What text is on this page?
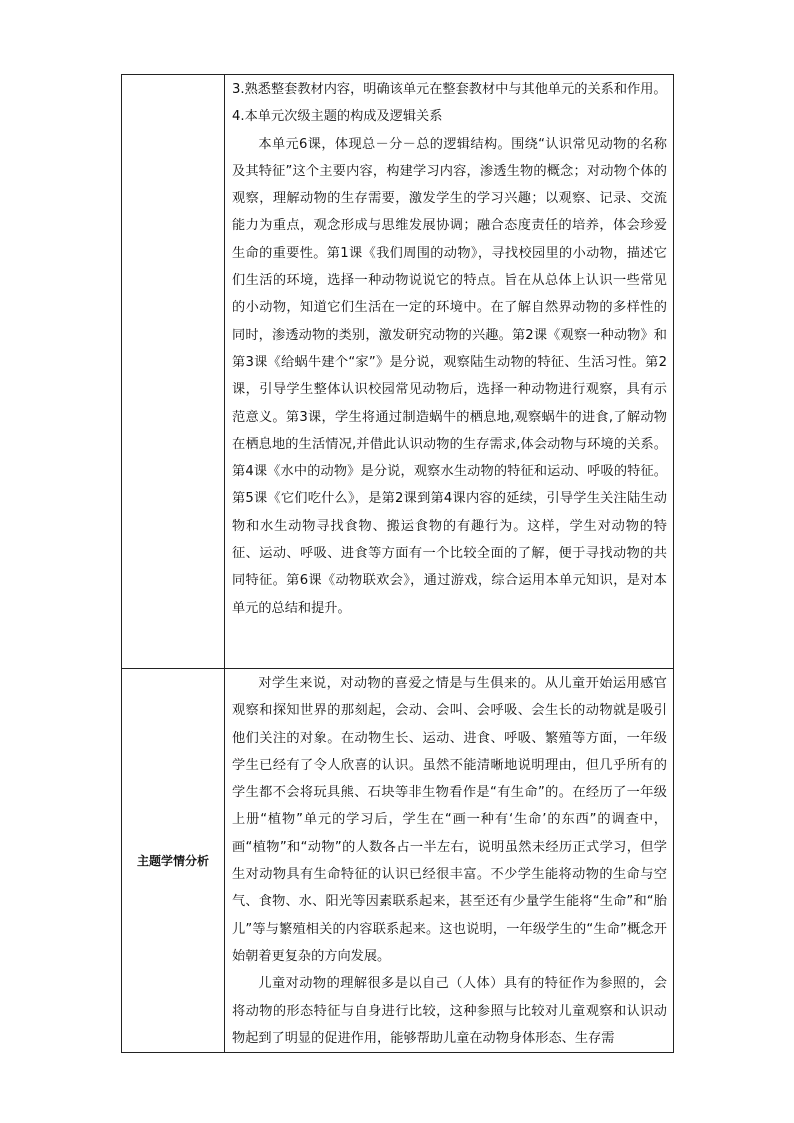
	3.熟悉整套教材内容，明确该单元在整套教材中与其他单元的关系和作用。

4.本单元次级主题的构成及逻辑关系

本单元6课，体现总－分－总的逻辑结构。围绕“认识常见动物的名称及其特征”这个主要内容，构建学习内容，渗透生物的概念；对动物个体的观察，理解动物的生存需要，激发学生的学习兴趣；以观察、记录、交流能力为重点，观念形成与思维发展协调；融合态度责任的培养，体会珍爱生命的重要性。第1课《我们周围的动物》，寻找校园里的小动物，描述它们生活的环境，选择一种动物说说它的特点。旨在从总体上认识一些常见的小动物，知道它们生活在一定的环境中。在了解自然界动物的多样性的同时，渗透动物的类别，激发研究动物的兴趣。第2课《观察一种动物》和第3课《给蜗牛建个“家”》是分说，观察陆生动物的特征、生活习性。第2课，引导学生整体认识校园常见动物后，选择一种动物进行观察，具有示范意义。第3课，学生将通过制造蜗牛的栖息地,观察蜗牛的进食,了解动物在栖息地的生活情况,并借此认识动物的生存需求,体会动物与环境的关系。第4课《水中的动物》是分说，观察水生动物的特征和运动、呼吸的特征。第5课《它们吃什么》，是第2课到第4课内容的延续，引导学生关注陆生动物和水生动物寻找食物、搬运食物的有趣行为。这样，学生对动物的特征、运动、呼吸、进食等方面有一个比较全面的了解，便于寻找动物的共同特征。第6课《动物联欢会》，通过游戏，综合运用本单元知识，是对本单元的总结和提升。

主题学情分析	对学生来说，对动物的喜爱之情是与生俱来的。从儿童开始运用感官观察和探知世界的那刻起，会动、会叫、会呼吸、会生长的动物就是吸引他们关注的对象。在动物生长、运动、进食、呼吸、繁殖等方面，一年级学生已经有了令人欣喜的认识。虽然不能清晰地说明理由，但几乎所有的学生都不会将玩具熊、石块等非生物看作是“有生命”的。在经历了一年级上册“植物”单元的学习后，学生在“画一种有‘生命’的东西”的调查中，画“植物”和“动物”的人数各占一半左右，说明虽然未经历正式学习，但学生对动物具有生命特征的认识已经很丰富。不少学生能将动物的生命与空气、食物、水、阳光等因素联系起来，甚至还有少量学生能将“生命”和“胎儿”等与繁殖相关的内容联系起来。这也说明，一年级学生的“生命”概念开始朝着更复杂的方向发展。

儿童对动物的理解很多是以自己（人体）具有的特征作为参照的，会将动物的形态特征与自身进行比较，这种参照与比较对儿童观察和认识动物起到了明显的促进作用，能够帮助儿童在动物身体形态、生存需
